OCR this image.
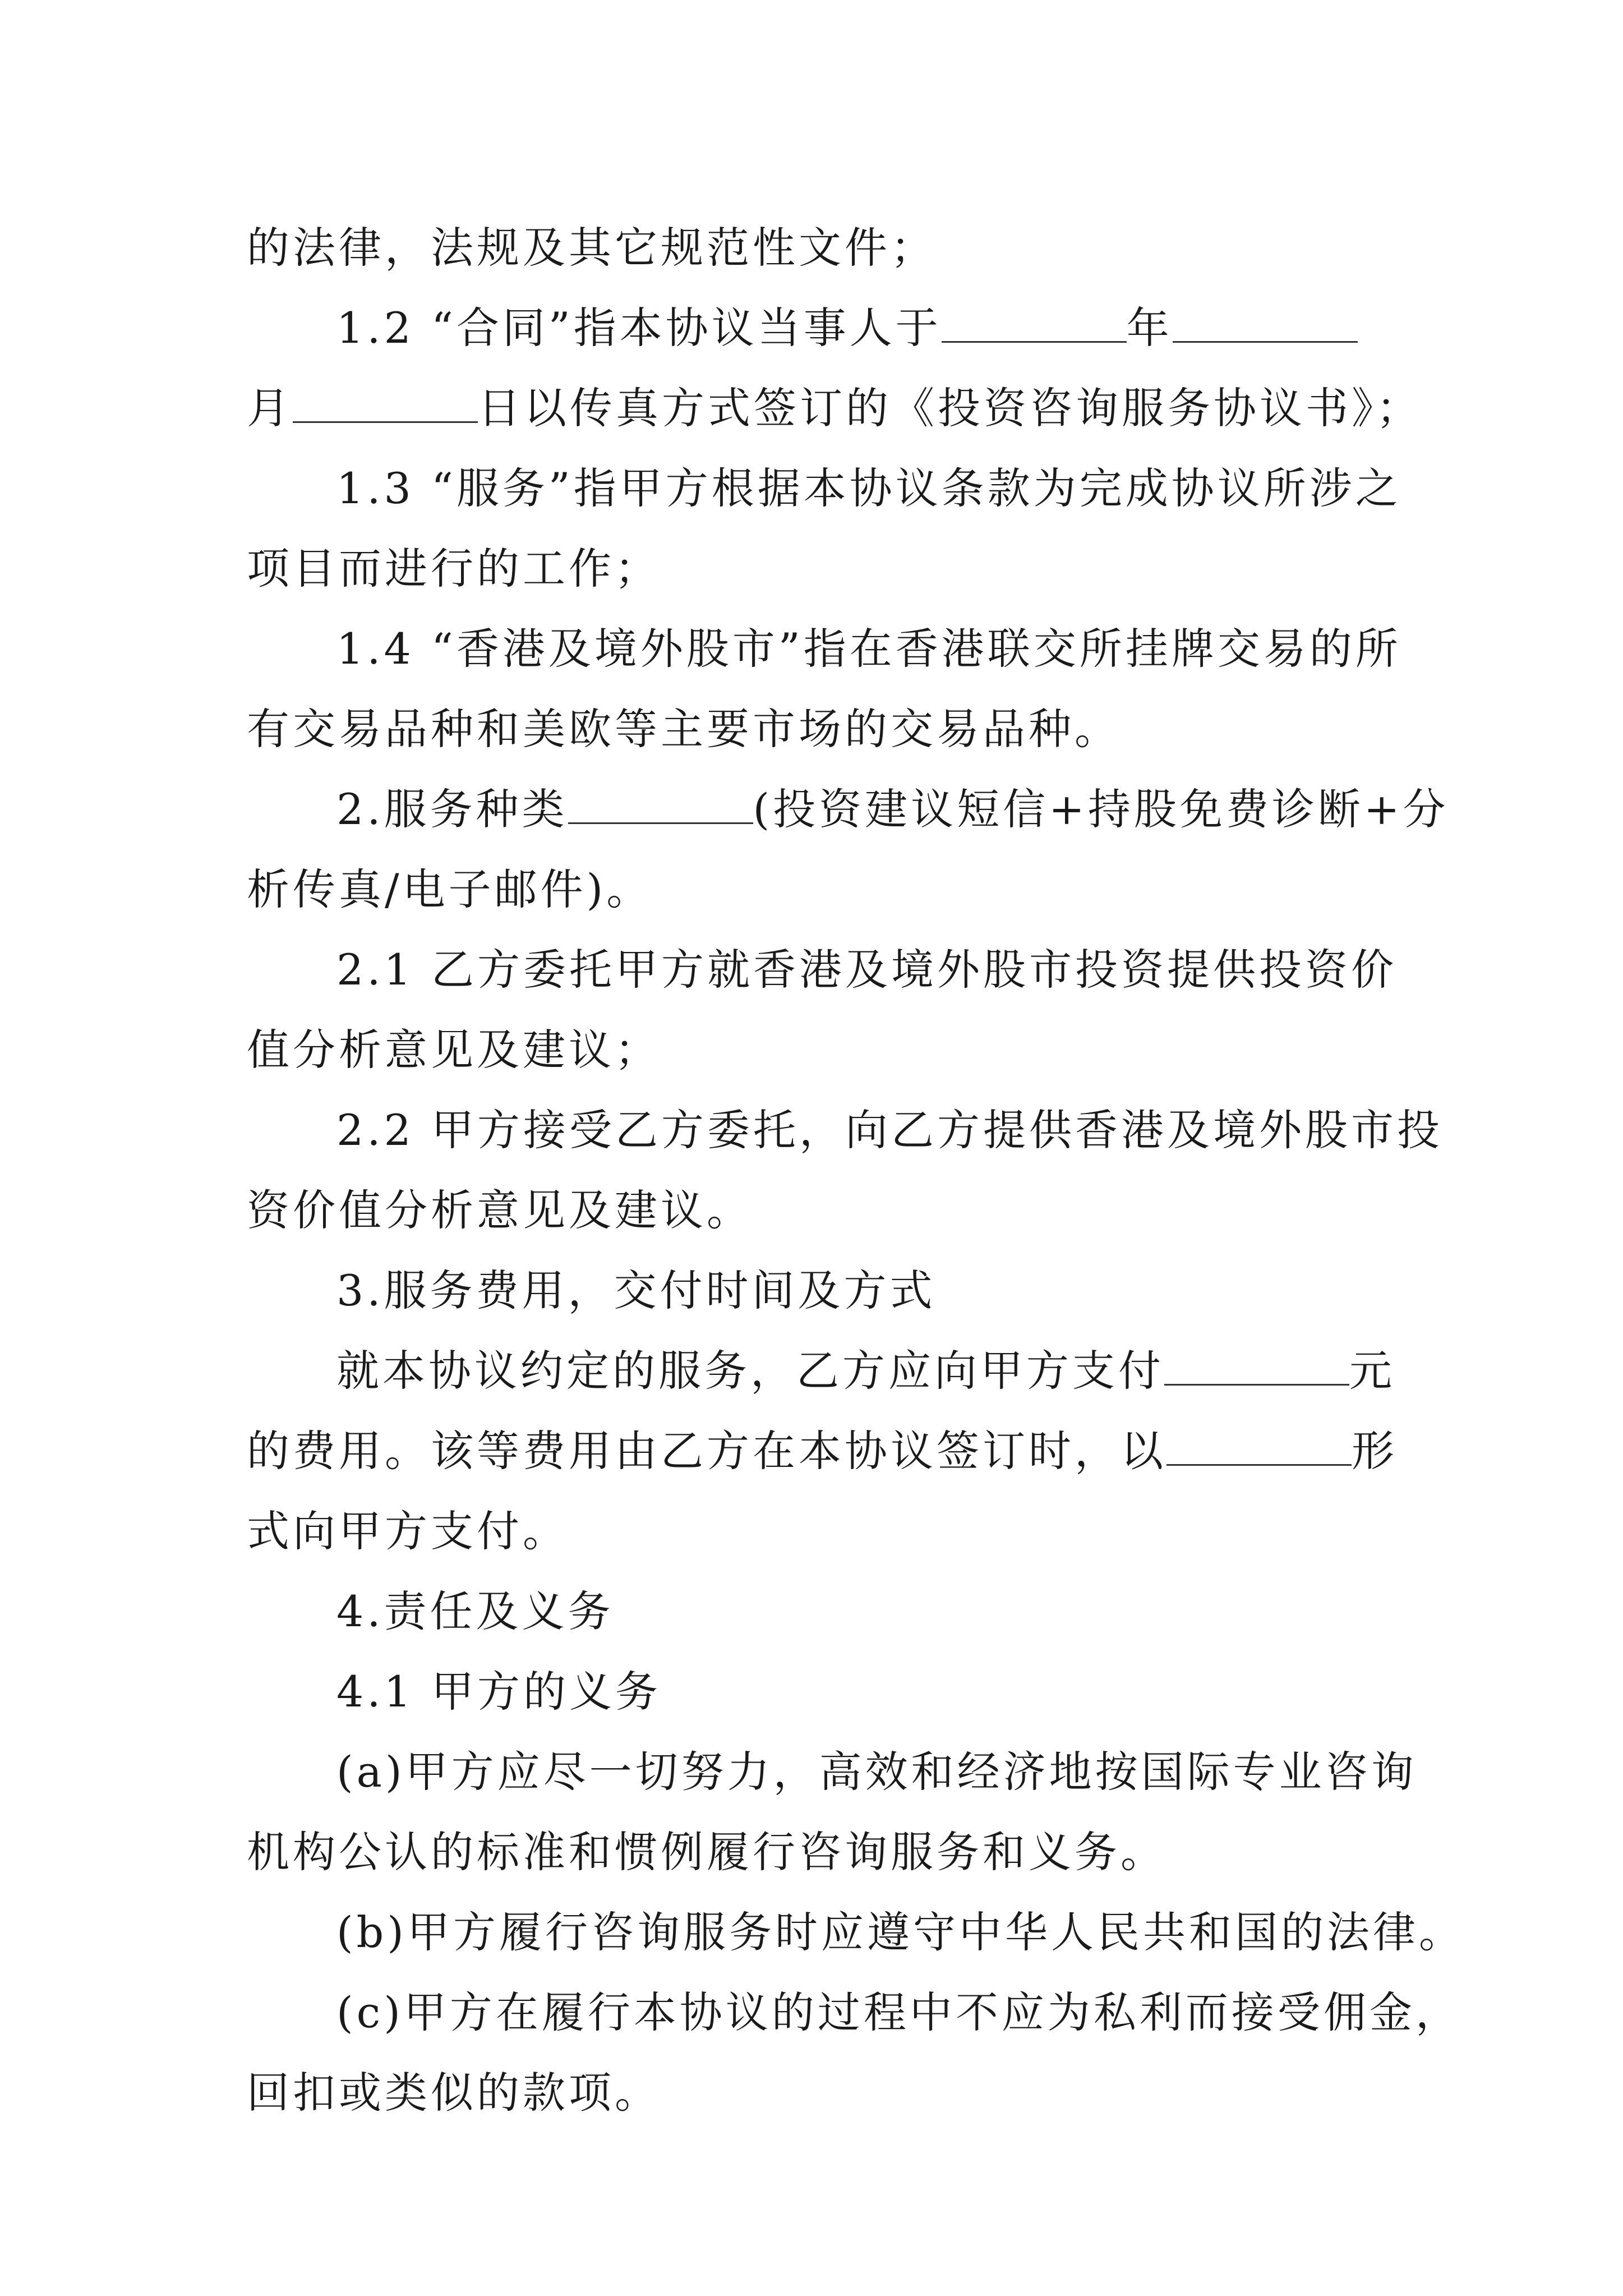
的法律，法规及其它规范性文件；
1.2 “合同”指本协议当事人于	年
月	日以传真方式签订的《投资咨询服务协议书》；
1.3 “服务”指甲方根据本协议条款为完成协议所涉之
项目而进行的工作；
1.4 “香港及境外股市”指在香港联交所挂牌交易的所
有交易品种和美欧等主要市场的交易品种。
2.服务种类	(投资建议短信+持股免费诊断+分
析传真/电子邮件)。
2.1 乙方委托甲方就香港及境外股市投资提供投资价
值分析意见及建议；
2.2 甲方接受乙方委托，向乙方提供香港及境外股市投
资价值分析意见及建议。
3.服务费用，交付时间及方式
就本协议约定的服务，乙方应向甲方支付	元
的费用。该等费用由乙方在本协议签订时，以	形
式向甲方支付。
4.责任及义务
4.1 甲方的义务
(a)甲方应尽一切努力，高效和经济地按国际专业咨询
机构公认的标准和惯例履行咨询服务和义务。
(b)甲方履行咨询服务时应遵守中华人民共和国的法律。
(c)甲方在履行本协议的过程中不应为私利而接受佣金，
回扣或类似的款项。
